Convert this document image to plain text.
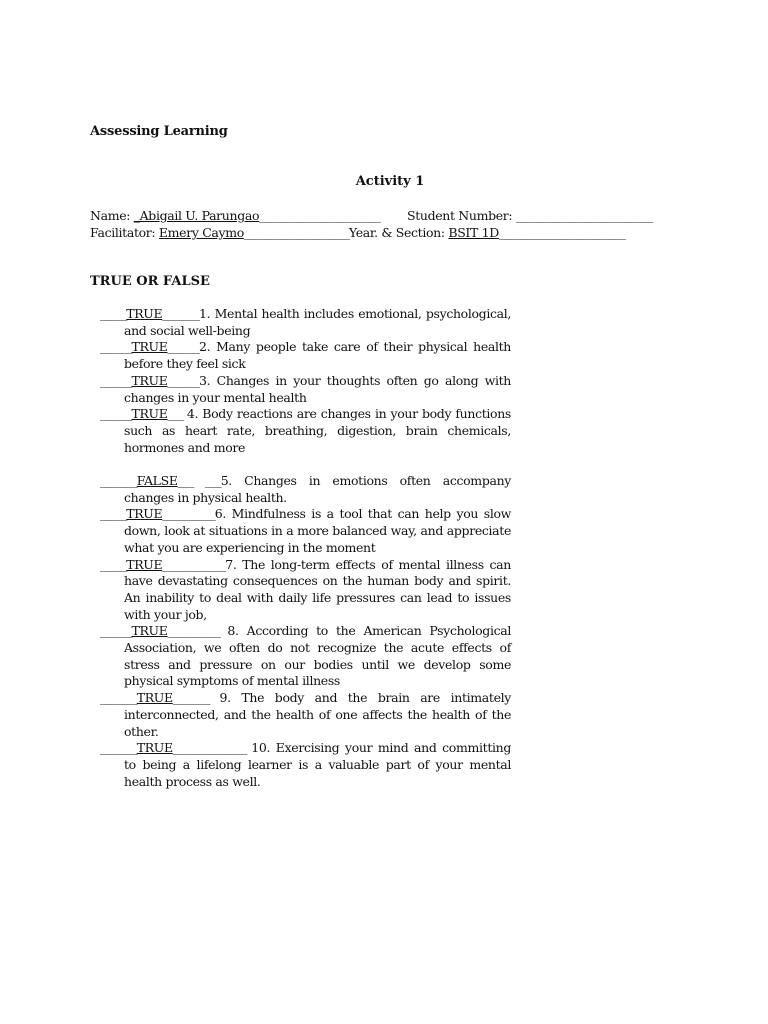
Assessing Learning
Activity 1
Name: _Abigail U. Parungao_______________________ Student Number: __________________________
Facilitator: Emery Caymo____________________Year. & Section: BSIT 1D________________________
TRUE OR FALSE
_____TRUE_______1. Mental health includes emotional, psychological, and social well-being
______TRUE______2. Many people take care of their physical health before they feel sick
______TRUE______3. Changes in your thoughts often go along with changes in your mental health
______TRUE___ 4. Body reactions are changes in your body functions such as heart rate, breathing, digestion, brain chemicals, hormones and more
_______FALSE___ ___5. Changes in emotions often accompany changes in physical health.
_____TRUE__________6. Mindfulness is a tool that can help you slow down, look at situations in a more balanced way, and appreciate what you are experiencing in the moment
_____TRUE____________7. The long-term effects of mental illness can have devastating consequences on the human body and spirit. An inability to deal with daily life pressures can lead to issues with your job,
______TRUE__________ 8. According to the American Psychological Association, we often do not recognize the acute effects of stress and pressure on our bodies until we develop some physical symptoms of mental illness
_______TRUE_______ 9. The body and the brain are intimately interconnected, and the health of one affects the health of the other.
_______TRUE______________ 10. Exercising your mind and committing to being a lifelong learner is a valuable part of your mental health process as well.
